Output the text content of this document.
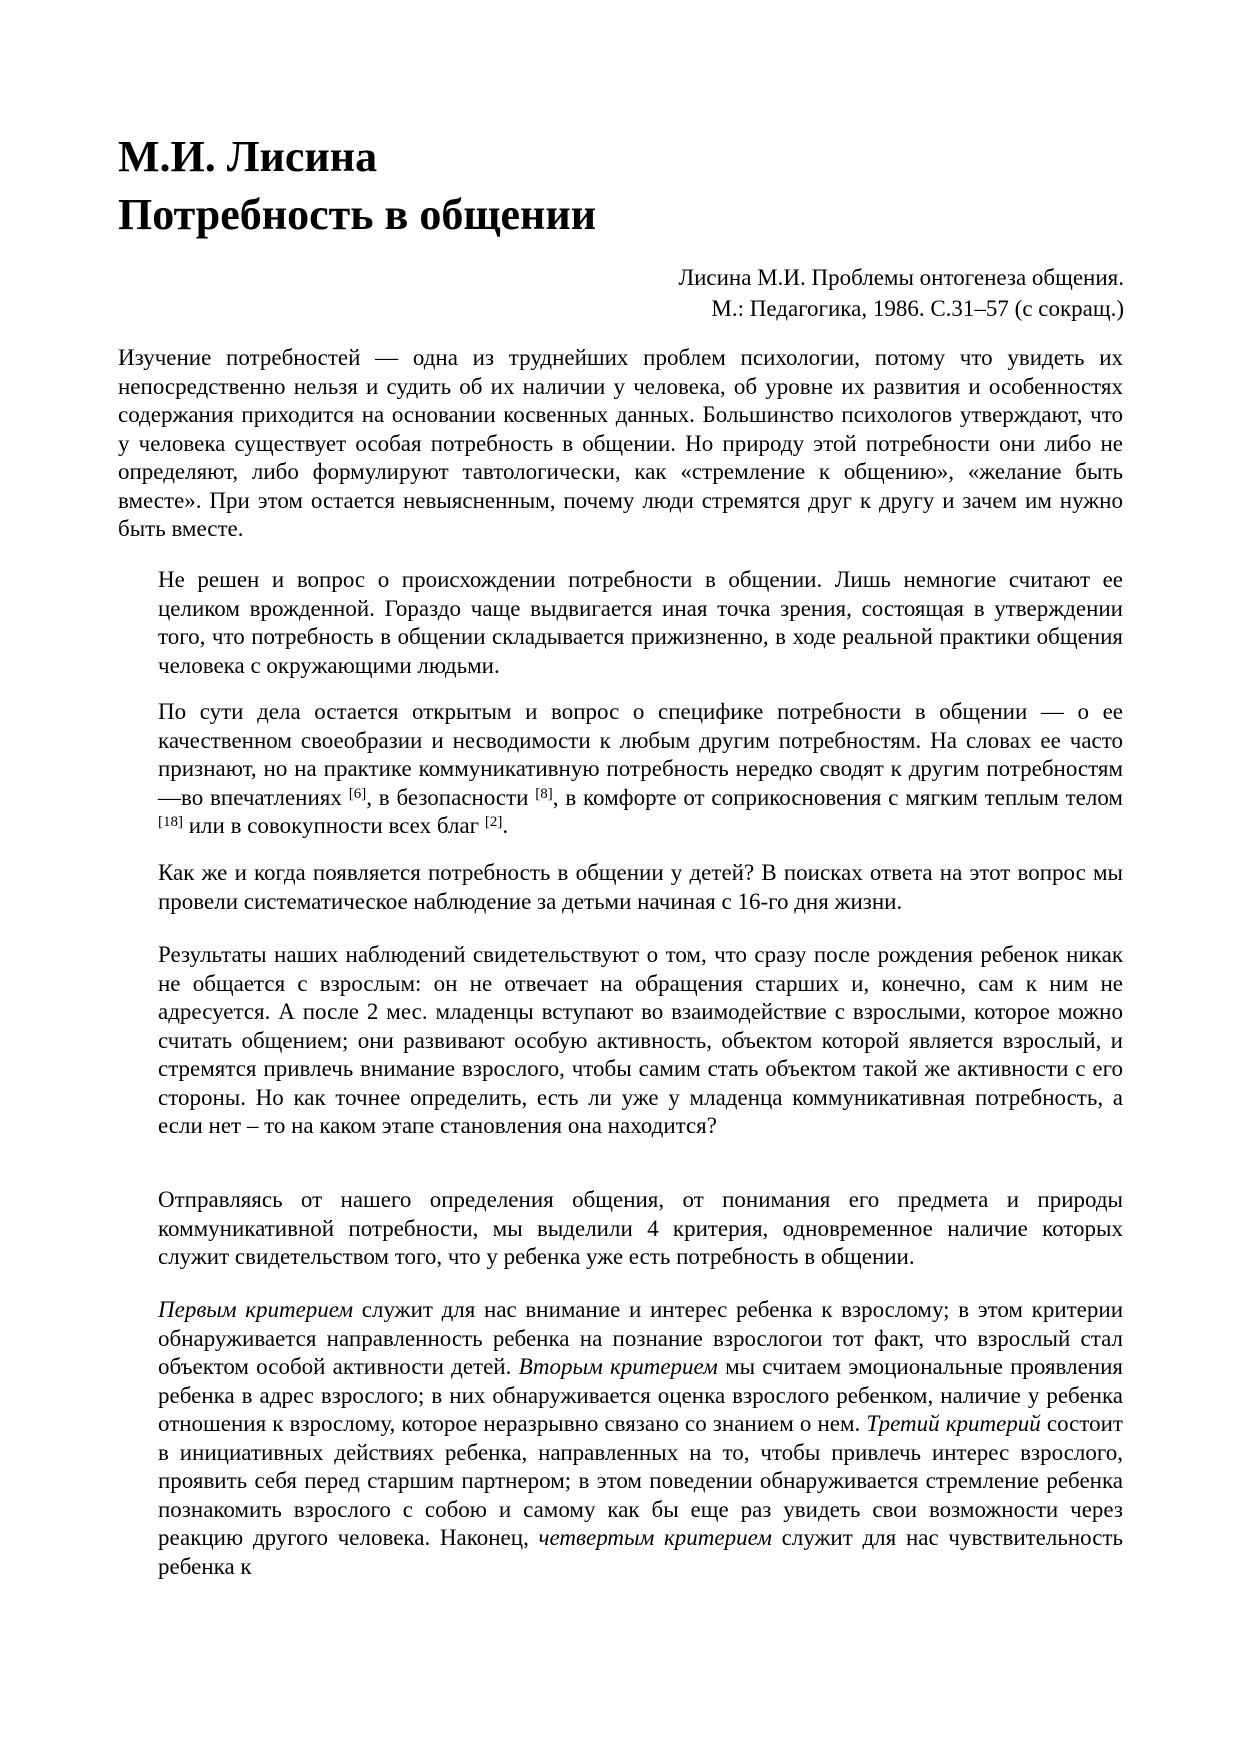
М.И. Лисина
Потребность в общении
Лисина М.И. Проблемы онтогенеза общения.
М.: Педагогика, 1986. С.31–57 (с сокращ.)

Изучение потребностей — одна из труднейших проблем психологии, потому что увидеть их непосредственно нельзя и судить об их наличии у человека, об уровне их развития и особенностях содержания приходится на основании косвенных данных. Большинство психологов утверждают, что у человека существует особая потребность в общении. Но природу этой потребности они либо не определяют, либо формулируют тавтологически, как «стремление к общению», «желание быть вместе». При этом остается невыясненным, почему люди стремятся друг к другу и зачем им нужно быть вместе.

Не решен и вопрос о происхождении потребности в общении. Лишь немногие считают ее целиком врожденной. Гораздо чаще выдвигается иная точка зрения, состоящая в утверждении того, что потребность в общении складывается прижизненно, в ходе реальной практики общения человека с окружающими людьми.

По сути дела остается открытым и вопрос о специфике потребности в общении — о ее качественном своеобразии и несводимости к любым другим потребностям. На словах ее часто признают, но на практике коммуникативную потребность нередко сводят к другим потребностям—во впечатлениях [6], в безопасности [8], в комфорте от соприкосновения с мягким теплым телом [18] или в совокупности всех благ [2].

Как же и когда появляется потребность в общении у детей? В поисках ответа на этот вопрос мы провели систематическое наблюдение за детьми начиная с 16-го дня жизни.

Результаты наших наблюдений свидетельствуют о том, что сразу после рождения ребенок никак не общается с взрослым: он не отвечает на обращения старших и, конечно, сам к ним не адресуется. А после 2 мес. младенцы вступают во взаимодействие с взрослыми, которое можно считать общением; они развивают особую активность, объектом которой является взрослый, и стремятся привлечь внимание взрослого, чтобы самим стать объектом такой же активности с его стороны. Но как точнее определить, есть ли уже у младенца коммуникативная потребность, а если нет – то на каком этапе становления она находится?

Отправляясь от нашего определения общения, от понимания его предмета и природы коммуникативной потребности, мы выделили 4 критерия, одновременное наличие которых служит свидетельством того, что у ребенка уже есть потребность в общении.

Первым критерием служит для нас внимание и интерес ребенка к взрослому; в этом критерии обнаруживается направленность ребенка на познание взрослогои тот факт, что взрослый стал объектом особой активности детей. Вторым критерием мы считаем эмоциональные проявления ребенка в адрес взрослого; в них обнаруживается оценка взрослого ребенком, наличие у ребенка отношения к взрослому, которое неразрывно связано со знанием о нем. Третий критерий состоит в инициативных действиях ребенка, направленных на то, чтобы привлечь интерес взрослого, проявить себя перед старшим партнером; в этом поведении обнаруживается стремление ребенка познакомить взрослого с собою и самому как бы еще раз увидеть свои возможности через реакцию другого человека. Наконец, четвертым критерием служит для нас чувствительность ребенка к
